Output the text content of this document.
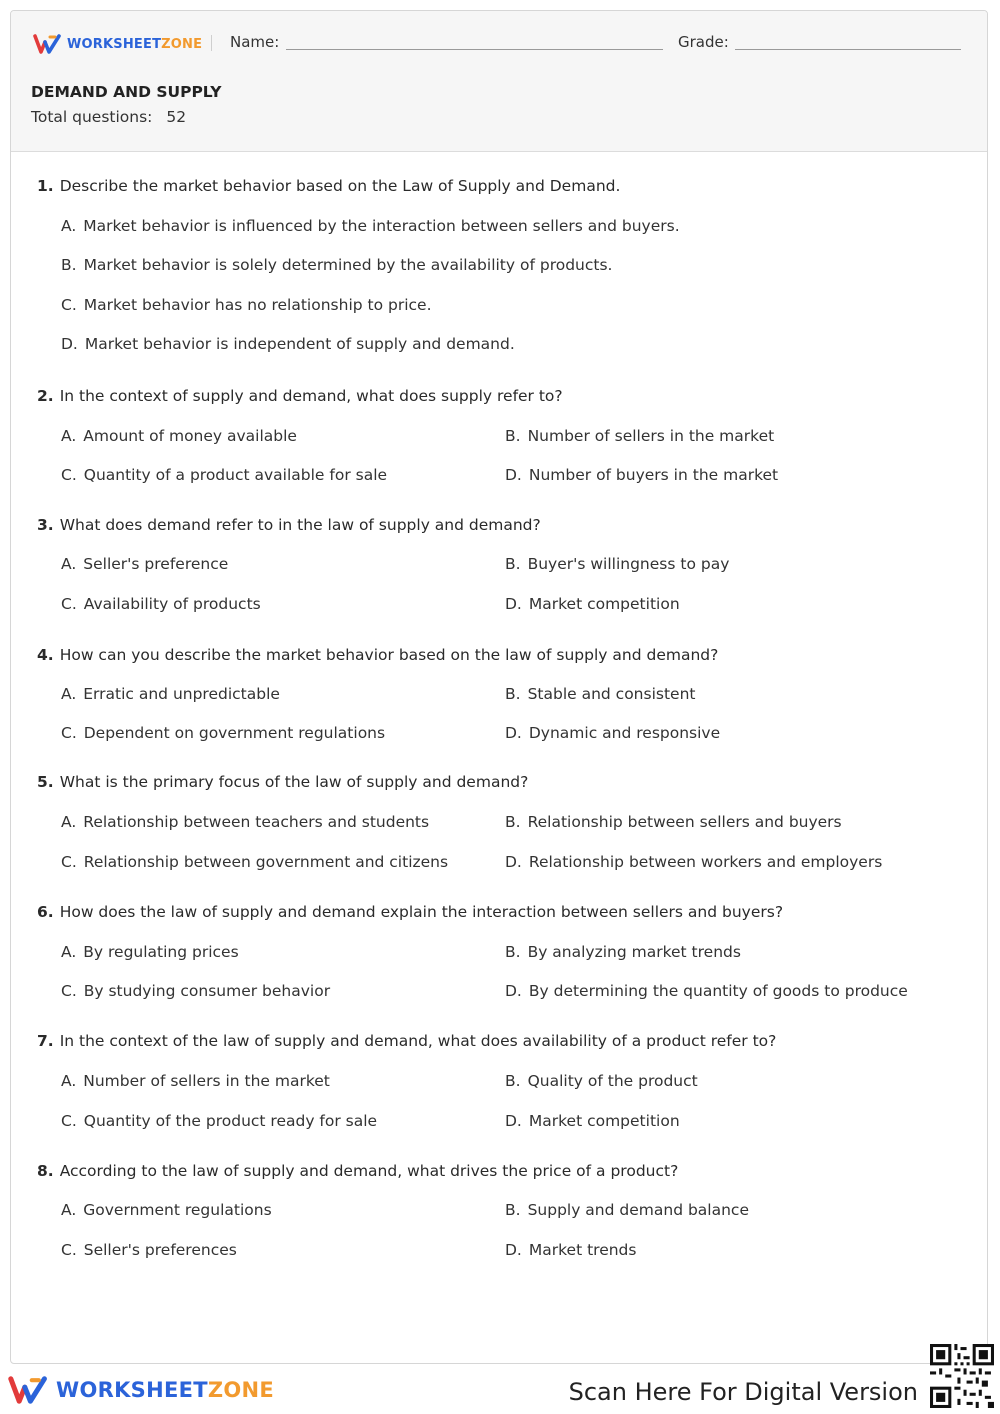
WORKSHEETZONE Name:	Grade:
DEMAND AND SUPPLY
Total questions: 52
1. Describe the market behavior based on the Law of Supply and Demand.
A. Market behavior is influenced by the interaction between sellers and buyers.
B. Market behavior is solely determined by the availability of products.
C. Market behavior has no relationship to price.
D. Market behavior is independent of supply and demand.
2. In the context of supply and demand, what does supply refer to?
A. Amount of money available	B. Number of sellers in the market
C. Quantity of a product available for sale	D. Number of buyers in the market
3. What does demand refer to in the law of supply and demand?
A. Seller's preference	B. Buyer's willingness to pay
C. Availability of products	D. Market competition
4. How can you describe the market behavior based on the law of supply and demand?
A. Erratic and unpredictable	B. Stable and consistent
C. Dependent on government regulations	D. Dynamic and responsive
5. What is the primary focus of the law of supply and demand?
A. Relationship between teachers and students	B. Relationship between sellers and buyers
C. Relationship between government and citizens	D. Relationship between workers and employers
6. How does the law of supply and demand explain the interaction between sellers and buyers?
A. By regulating prices	B. By analyzing market trends
C. By studying consumer behavior	D. By determining the quantity of goods to produce
7. In the context of the law of supply and demand, what does availability of a product refer to?
A. Number of sellers in the market	B. Quality of the product
C. Quantity of the product ready for sale	D. Market competition
8. According to the law of supply and demand, what drives the price of a product?
A. Government regulations	B. Supply and demand balance
C. Seller's preferences	D. Market trends
WORKSHEETZONE	Scan Here For Digital Version
